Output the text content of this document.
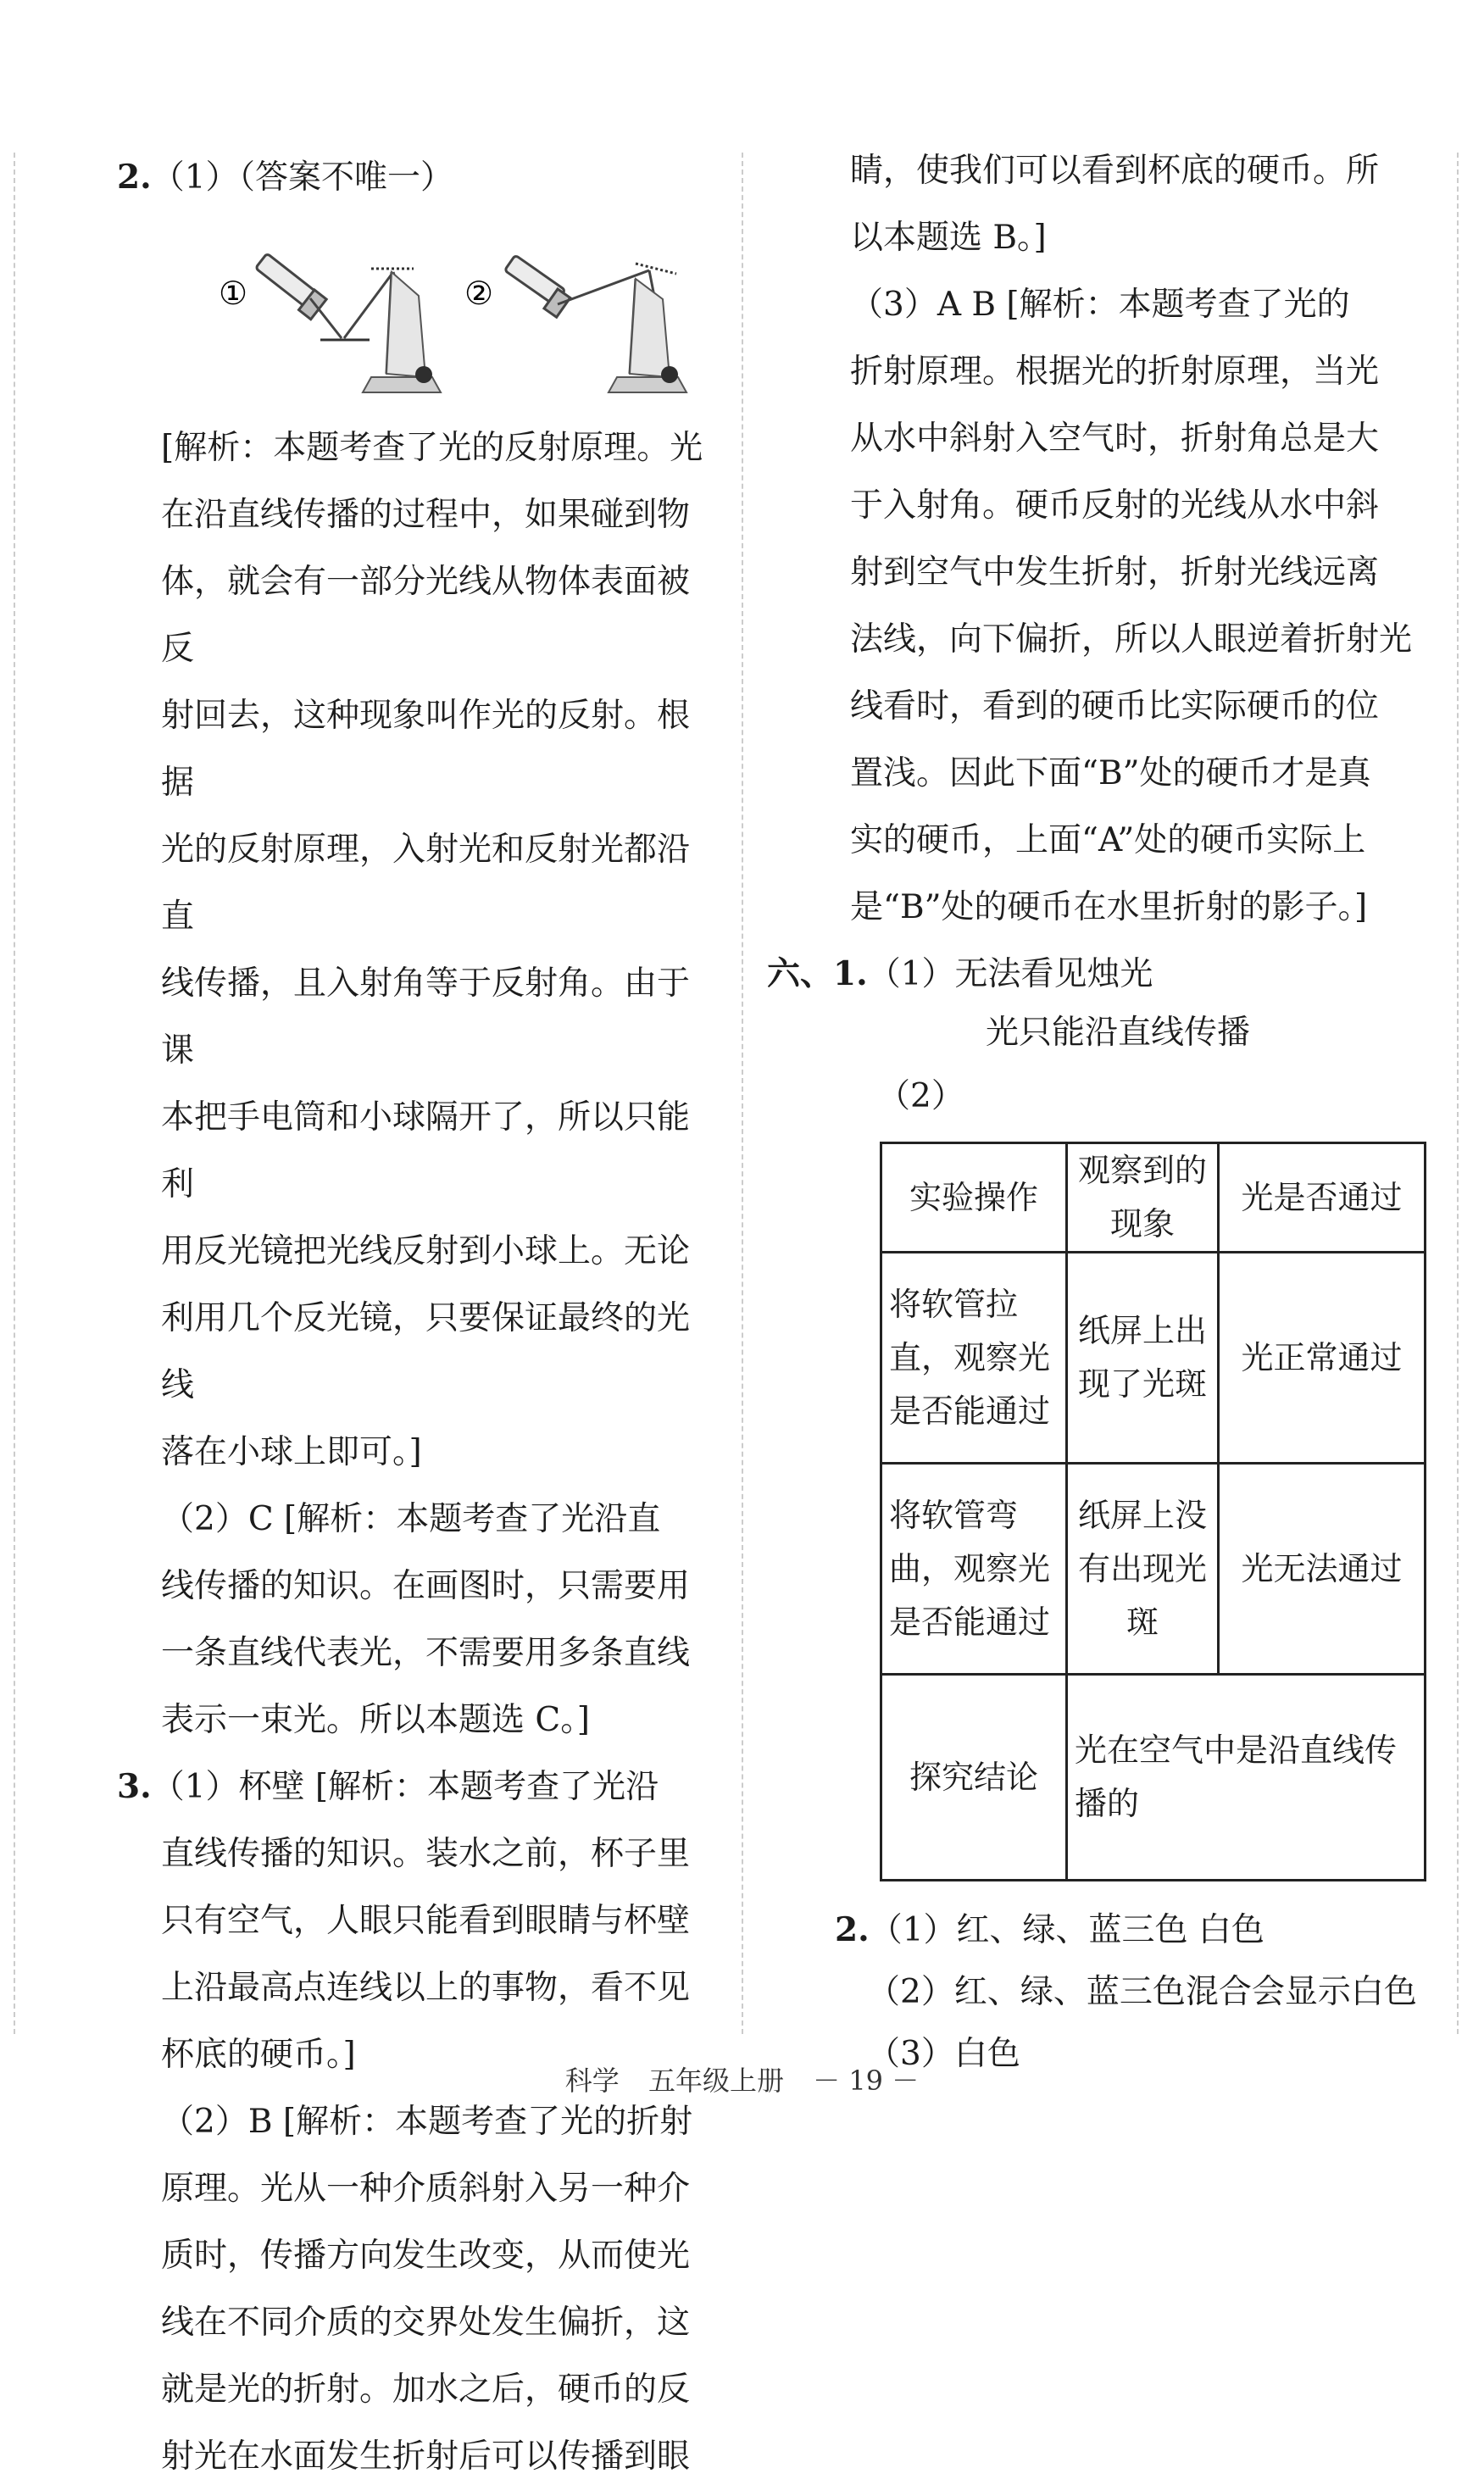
2.（1）（答案不唯一）

①	②

[解析：本题考查了光的反射原理。光

在沿直线传播的过程中，如果碰到物

体，就会有一部分光线从物体表面被反

射回去，这种现象叫作光的反射。根据

光的反射原理，入射光和反射光都沿直

线传播，且入射角等于反射角。由于课

本把手电筒和小球隔开了，所以只能利

用反光镜把光线反射到小球上。无论

利用几个反光镜，只要保证最终的光线

落在小球上即可。]

（2）C [解析：本题考查了光沿直

线传播的知识。在画图时，只需要用

一条直线代表光，不需要用多条直线

表示一束光。所以本题选 C。]

3.（1）杯壁 [解析：本题考查了光沿

直线传播的知识。装水之前，杯子里

只有空气，人眼只能看到眼睛与杯壁

上沿最高点连线以上的事物，看不见

杯底的硬币。]

（2）B [解析：本题考查了光的折射

原理。光从一种介质斜射入另一种介

质时，传播方向发生改变，从而使光

线在不同介质的交界处发生偏折，这

就是光的折射。加水之后，硬币的反

射光在水面发生折射后可以传播到眼

睛，使我们可以看到杯底的硬币。所

以本题选 B。]

（3）A B [解析：本题考查了光的

折射原理。根据光的折射原理，当光

从水中斜射入空气时，折射角总是大

于入射角。硬币反射的光线从水中斜

射到空气中发生折射，折射光线远离

法线，向下偏折，所以人眼逆着折射光

线看时，看到的硬币比实际硬币的位

置浅。因此下面“B”处的硬币才是真

实的硬币，上面“A”处的硬币实际上

是“B”处的硬币在水里折射的影子。]

六、1.（1）无法看见烛光

光只能沿直线传播

（2）

实验操作	观察到的现象	光是否通过
将软管拉直，观察光是否能通过	纸屏上出现了光斑	光正常通过
将软管弯曲，观察光是否能通过	纸屏上没有出现光斑	光无法通过
探究结论	光在空气中是沿直线传播的	

2.（1）红、绿、蓝三色 白色

（2）红、绿、蓝三色混合会显示白色

（3）白色

科学 五年级上册 － 19 －
